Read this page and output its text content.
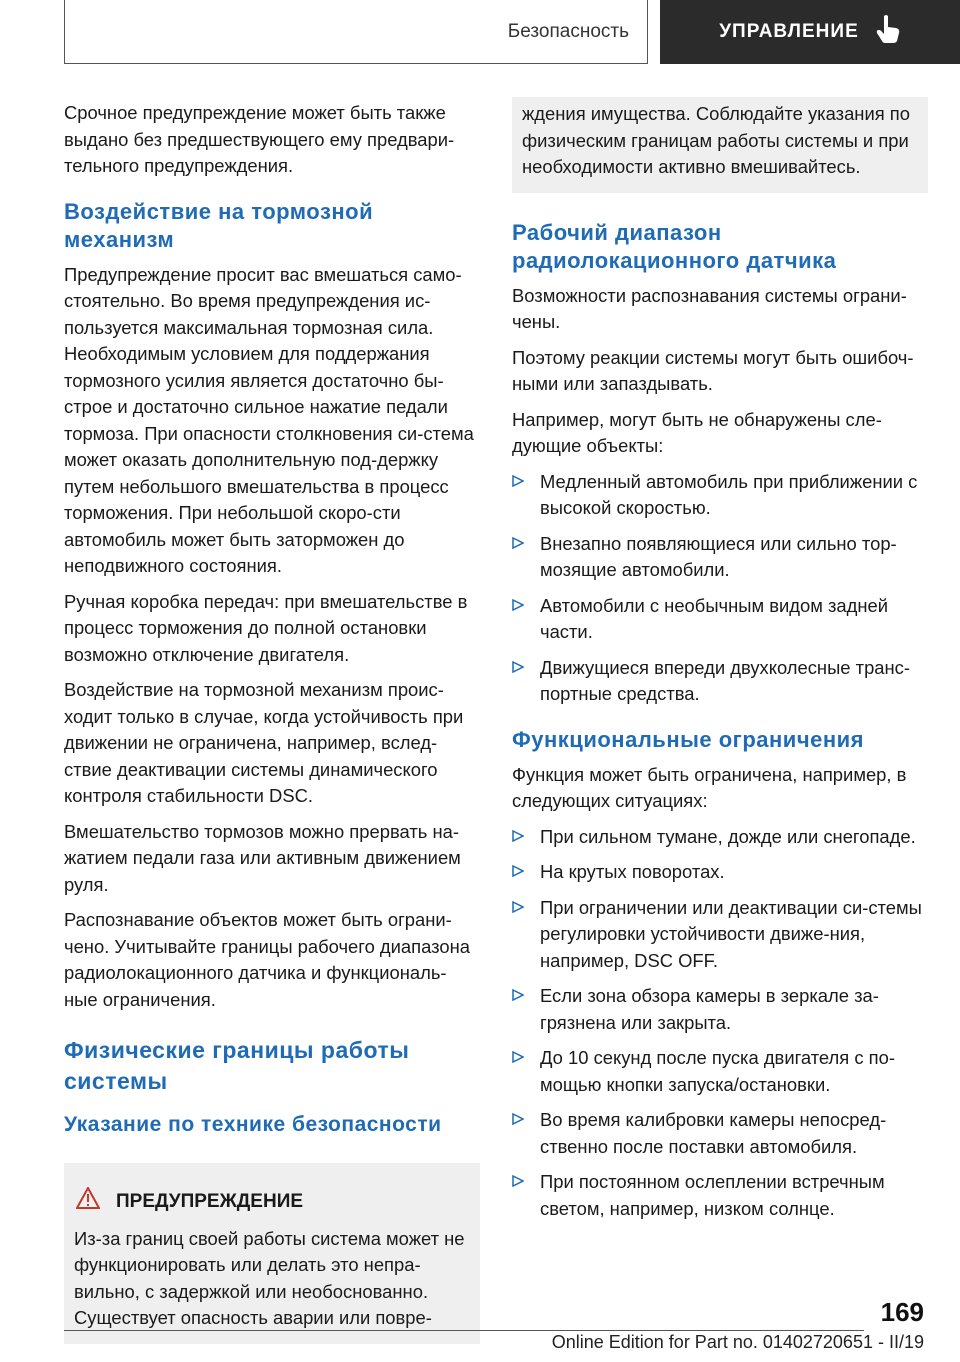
Безопасность	УПРАВЛЕНИЕ

Срочное предупреждение может быть также выдано без предшествующего ему предвари-тельного предупреждения.

Воздействие на тормозной механизм

Предупреждение просит вас вмешаться само-стоятельно. Во время предупреждения ис-пользуется максимальная тормозная сила. Необходимым условием для поддержания тормозного усилия является достаточно бы-строе и достаточно сильное нажатие педали тормоза. При опасности столкновения си-стема может оказать дополнительную под-держку путем небольшого вмешательства в процесс торможения. При небольшой скоро-сти автомобиль может быть заторможен до неподвижного состояния.

Ручная коробка передач: при вмешательстве в процесс торможения до полной остановки возможно отключение двигателя.

Воздействие на тормозной механизм проис-ходит только в случае, когда устойчивость при движении не ограничена, например, вслед-ствие деактивации системы динамического контроля стабильности DSC.

Вмешательство тормозов можно прервать на-жатием педали газа или активным движением руля.

Распознавание объектов может быть ограни-чено. Учитывайте границы рабочего диапазона радиолокационного датчика и функциональ-ные ограничения.

Физические границы работы системы
Указание по технике безопасности
ПРЕДУПРЕЖДЕНИЕ

Из-за границ своей работы система может не функционировать или делать это непра-вильно, с задержкой или необоснованно. Существует опасность аварии или повре-

ждения имущества. Соблюдайте указания по физическим границам работы системы и при необходимости активно вмешивайтесь.

Рабочий диапазон радиолокационного датчика

Возможности распознавания системы ограни-чены.

Поэтому реакции системы могут быть ошибоч-ными или запаздывать.

Например, могут быть не обнаружены сле-дующие объекты:

Медленный автомобиль при приближении с высокой скоростью.
Внезапно появляющиеся или сильно тор-мозящие автомобили.
Автомобили с необычным видом задней части.
Движущиеся впереди двухколесные транс-портные средства.
Функциональные ограничения

Функция может быть ограничена, например, в следующих ситуациях:

При сильном тумане, дожде или снегопаде.
На крутых поворотах.
При ограничении или деактивации си-стемы регулировки устойчивости движе-ния, например, DSC OFF.
Если зона обзора камеры в зеркале за-грязнена или закрыта.
До 10 секунд после пуска двигателя с по-мощью кнопки запуска/остановки.
Во время калибровки камеры непосред-ственно после поставки автомобиля.
При постоянном ослеплении встречным светом, например, низком солнце.
169
Online Edition for Part no. 01402720651 - II/19
